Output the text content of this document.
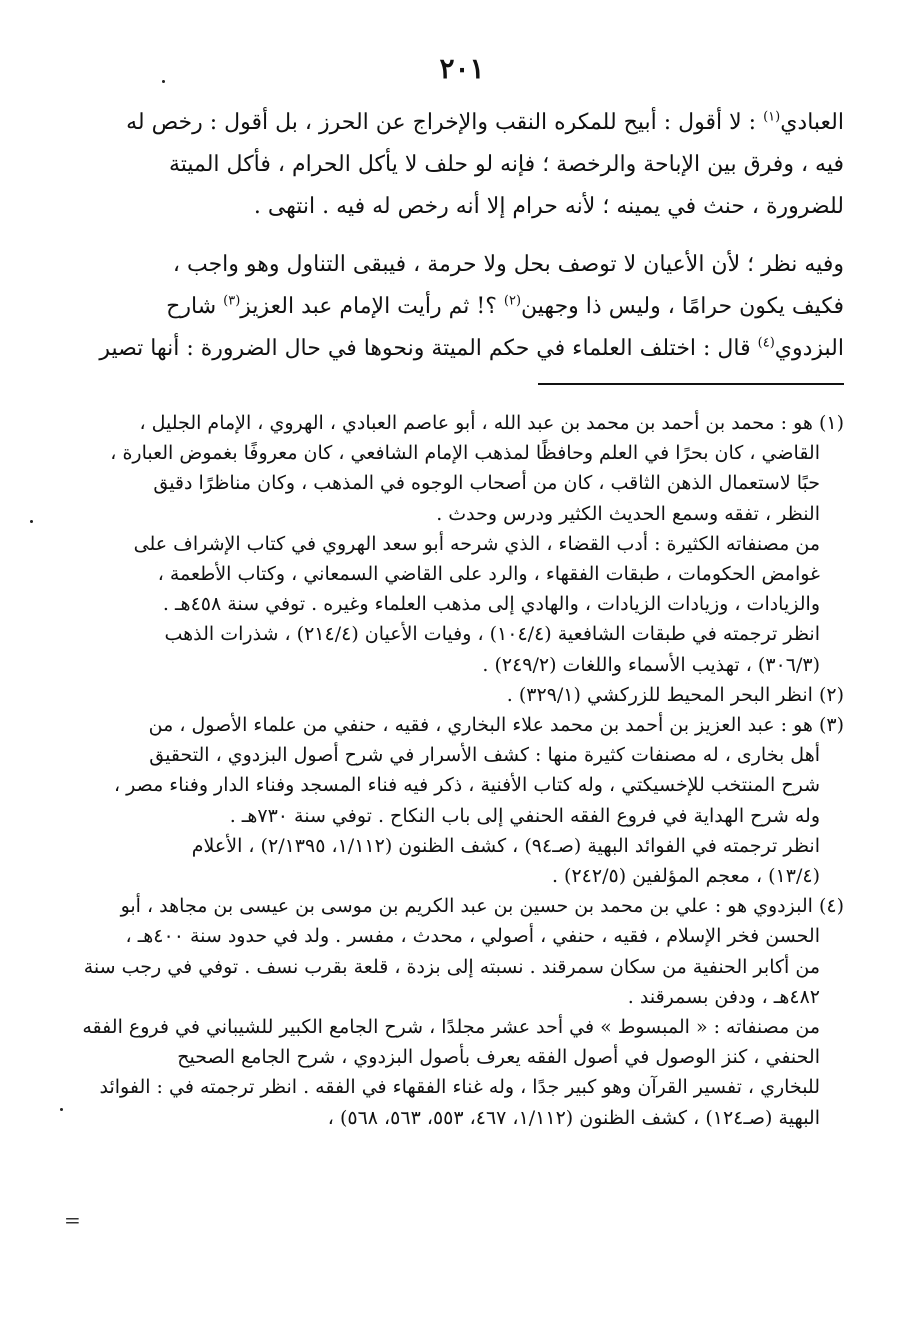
٢٠١

العبادي$^{(١)}$ : لا أقول : أبيح للمكره النقب والإخراج عن الحرز ، بل أقول : رخص له
فيه ، وفرق بين الإباحة والرخصة ؛ فإنه لو حلف لا يأكل الحرام ، فأكل الميتة
للضرورة ، حنث في يمينه ؛ لأنه حرام إلا أنه رخص له فيه . انتهى .

وفيه نظر ؛ لأن الأعيان لا توصف بحل ولا حرمة ، فيبقى التناول وهو واجب ،
فكيف يكون حرامًا ، وليس ذا وجهين$^{(٢)}$ ؟! ثم رأيت الإمام عبد العزيز$^{(٣)}$ شارح
البزدوي$^{(٤)}$ قال : اختلف العلماء في حكم الميتة ونحوها في حال الضرورة : أنها تصير

(١)هو : محمد بن أحمد بن محمد بن عبد الله ، أبو عاصم العبادي ، الهروي ، الإمام الجليل ،

القاضي ، كان بحرًا في العلم وحافظًا لمذهب الإمام الشافعي ، كان معروفًا بغموض العبارة ،

حبًا لاستعمال الذهن الثاقب ، كان من أصحاب الوجوه في المذهب ، وكان مناظرًا دقيق

النظر ، تفقه وسمع الحديث الكثير ودرس وحدث .

من مصنفاته الكثيرة : أدب القضاء ، الذي شرحه أبو سعد الهروي في كتاب الإشراف على

غوامض الحكومات ، طبقات الفقهاء ، والرد على القاضي السمعاني ، وكتاب الأطعمة ،

والزيادات ، وزيادات الزيادات ، والهادي إلى مذهب العلماء وغيره . توفي سنة ٤٥٨هـ .

انظر ترجمته في طبقات الشافعية (١٠٤/٤) ، وفيات الأعيان (٢١٤/٤) ، شذرات الذهب

(٣٠٦/٣) ، تهذيب الأسماء واللغات (٢٤٩/٢) .

(٢)انظر البحر المحيط للزركشي (٣٢٩/١) .

(٣)هو : عبد العزيز بن أحمد بن محمد علاء البخاري ، فقيه ، حنفي من علماء الأصول ، من

أهل بخارى ، له مصنفات كثيرة منها : كشف الأسرار في شرح أصول البزدوي ، التحقيق

شرح المنتخب للإخسيكتي ، وله كتاب الأفنية ، ذكر فيه فناء المسجد وفناء الدار وفناء مصر ،

وله شرح الهداية في فروع الفقه الحنفي إلى باب النكاح . توفي سنة ٧٣٠هـ .

انظر ترجمته في الفوائد البهية (صـ٩٤) ، كشف الظنون (١/١١٢، ٢/١٣٩٥) ، الأعلام

(١٣/٤) ، معجم المؤلفين (٢٤٢/٥) .

(٤)البزدوي هو : علي بن محمد بن حسين بن عبد الكريم بن موسى بن عيسى بن مجاهد ، أبو

الحسن فخر الإسلام ، فقيه ، حنفي ، أصولي ، محدث ، مفسر . ولد في حدود سنة ٤٠٠هـ ،

من أكابر الحنفية من سكان سمرقند . نسبته إلى بزدة ، قلعة بقرب نسف . توفي في رجب سنة

٤٨٢هـ ، ودفن بسمرقند .

من مصنفاته : « المبسوط » في أحد عشر مجلدًا ، شرح الجامع الكبير للشيباني في فروع الفقه

الحنفي ، كنز الوصول في أصول الفقه يعرف بأصول البزدوي ، شرح الجامع الصحيح

للبخاري ، تفسير القرآن وهو كبير جدًا ، وله غناء الفقهاء في الفقه . انظر ترجمته في : الفوائد

البهية (صـ١٢٤) ، كشف الظنون (١/١١٢، ٤٦٧، ٥٥٣، ٥٦٣، ٥٦٨) ،

=
